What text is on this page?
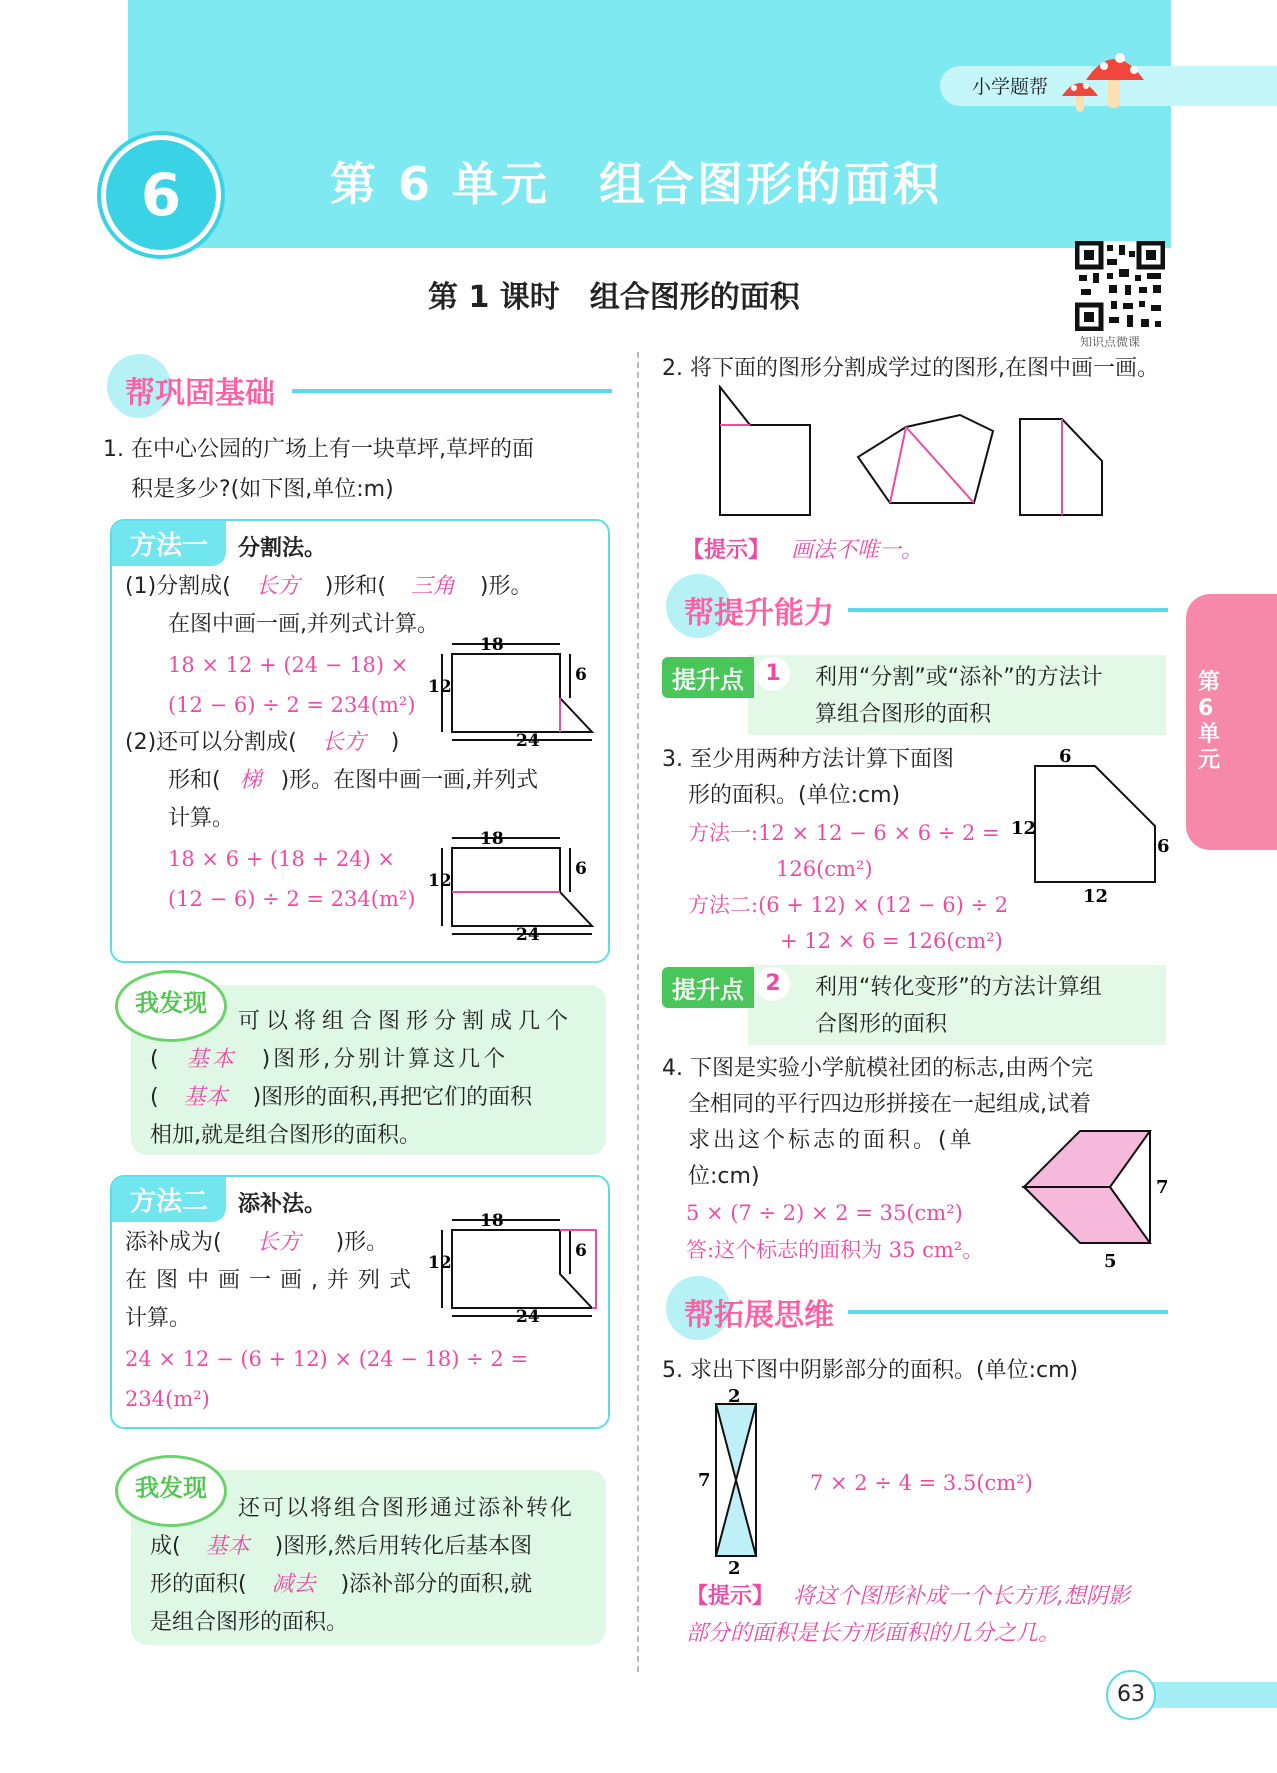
小学题帮
6	第 6 单元　组合图形的面积
第 1 课时　组合图形的面积
知识点微课
第6单元
帮巩固基础
1. 在中心公园的广场上有一块草坪,草坪的面
积是多少?(如下图,单位:m)
方法一	分割法。
(1)分割成( 长方 )形和( 三角 )形。
在图中画一画,并列式计算。
18 × 12 + (24 − 18) ×
(12 − 6) ÷ 2 = 234(m²)
(2)还可以分割成( 长方 )
形和( 梯 )形。在图中画一画,并列式
计算。
18 × 6 + (18 + 24) ×
(12 − 6) ÷ 2 = 234(m²)
18
12
6
24
18
12
6
24
我发现
可以将组合图形分割成几个
( 基本 )图形,分别计算这几个
( 基本 )图形的面积,再把它们的面积
相加,就是组合图形的面积。
方法二	添补法。
添补成为( 长方 )形。
在图中画一画,并列式
计算。
24 × 12 − (6 + 12) × (24 − 18) ÷ 2 =
234(m²)
18
12
6
24
我发现
还可以将组合图形通过添补转化
成( 基本 )图形,然后用转化后基本图
形的面积( 减去 )添补部分的面积,就
是组合图形的面积。
2. 将下面的图形分割成学过的图形,在图中画一画。
【提示】 画法不唯一。
帮提升能力
提升点 1	利用“分割”或“添补”的方法计
算组合图形的面积
3. 至少用两种方法计算下面图
形的面积。(单位:cm)
方法一:12 × 12 − 6 × 6 ÷ 2 =
126(cm²)
方法二:(6 + 12) × (12 − 6) ÷ 2
+ 12 × 6 = 126(cm²)
6
12
6
12
提升点 2	利用“转化变形”的方法计算组
合图形的面积
4. 下图是实验小学航模社团的标志,由两个完
全相同的平行四边形拼接在一起组成,试着
求出这个标志的面积。(单
位:cm)
5 × (7 ÷ 2) × 2 = 35(cm²)
答:这个标志的面积为 35 cm²。
7
5
帮拓展思维
5. 求出下图中阴影部分的面积。(单位:cm)
2
7
2
7 × 2 ÷ 4 = 3.5(cm²)
【提示】 将这个图形补成一个长方形,想阴影
部分的面积是长方形面积的几分之几。
63
